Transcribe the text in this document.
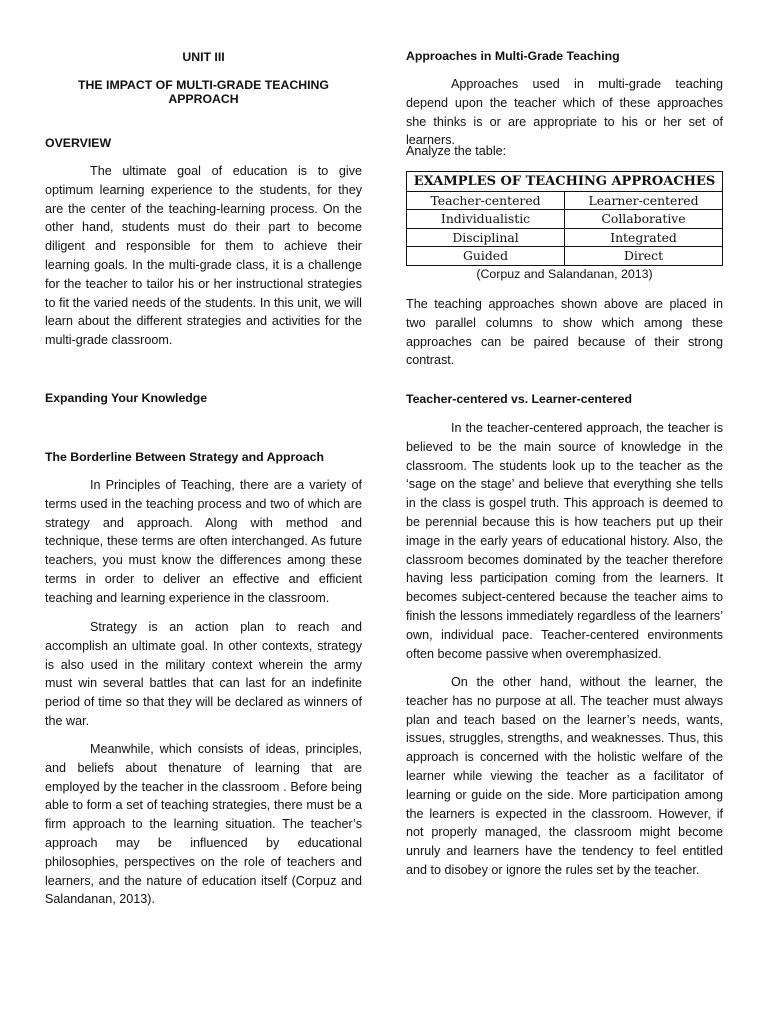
UNIT III
THE IMPACT OF MULTI-GRADE TEACHING APPROACH
OVERVIEW

The ultimate goal of education is to give optimum learning experience to the students, for they are the center of the teaching-learning process. On the other hand, students must do their part to become diligent and responsible for them to achieve their learning goals. In the multi-grade class, it is a challenge for the teacher to tailor his or her instructional strategies to fit the varied needs of the students. In this unit, we will learn about the different strategies and activities for the multi-grade classroom.

Expanding Your Knowledge
The Borderline Between Strategy and Approach

In Principles of Teaching, there are a variety of terms used in the teaching process and two of which are strategy and approach. Along with method and technique, these terms are often interchanged. As future teachers, you must know the differences among these terms in order to deliver an effective and efficient teaching and learning experience in the classroom.

Strategy is an action plan to reach and accomplish an ultimate goal. In other contexts, strategy is also used in the military context wherein the army must win several battles that can last for an indefinite period of time so that they will be declared as winners of the war.

Meanwhile, which consists of ideas, principles, and beliefs about thenature of learning that are employed by the teacher in the classroom . Before being able to form a set of teaching strategies, there must be a firm approach to the learning situation. The teacher’s approach may be influenced by educational philosophies, perspectives on the role of teachers and learners, and the nature of education itself (Corpuz and Salandanan, 2013).

Approaches in Multi-Grade Teaching

Approaches used in multi-grade teaching depend upon the teacher which of these approaches she thinks is or are appropriate to his or her set of learners.

Analyze the table:
EXAMPLES OF TEACHING APPROACHES	
Teacher-centered	Learner-centered
Individualistic	Collaborative
Disciplinal	Integrated
Guided	Direct
(Corpuz and Salandanan, 2013)

The teaching approaches shown above are placed in two parallel columns to show which among these approaches can be paired because of their strong contrast.

Teacher-centered vs. Learner-centered

In the teacher-centered approach, the teacher is believed to be the main source of knowledge in the classroom. The students look up to the teacher as the ‘sage on the stage’ and believe that everything she tells in the class is gospel truth. This approach is deemed to be perennial because this is how teachers put up their image in the early years of educational history. Also, the classroom becomes dominated by the teacher therefore having less participation coming from the learners. It becomes subject-centered because the teacher aims to finish the lessons immediately regardless of the learners’ own, individual pace. Teacher-centered environments often become passive when overemphasized.

On the other hand, without the learner, the teacher has no purpose at all. The teacher must always plan and teach based on the learner’s needs, wants, issues, struggles, strengths, and weaknesses. Thus, this approach is concerned with the holistic welfare of the learner while viewing the teacher as a facilitator of learning or guide on the side. More participation among the learners is expected in the classroom. However, if not properly managed, the classroom might become unruly and learners have the tendency to feel entitled and to disobey or ignore the rules set by the teacher.
